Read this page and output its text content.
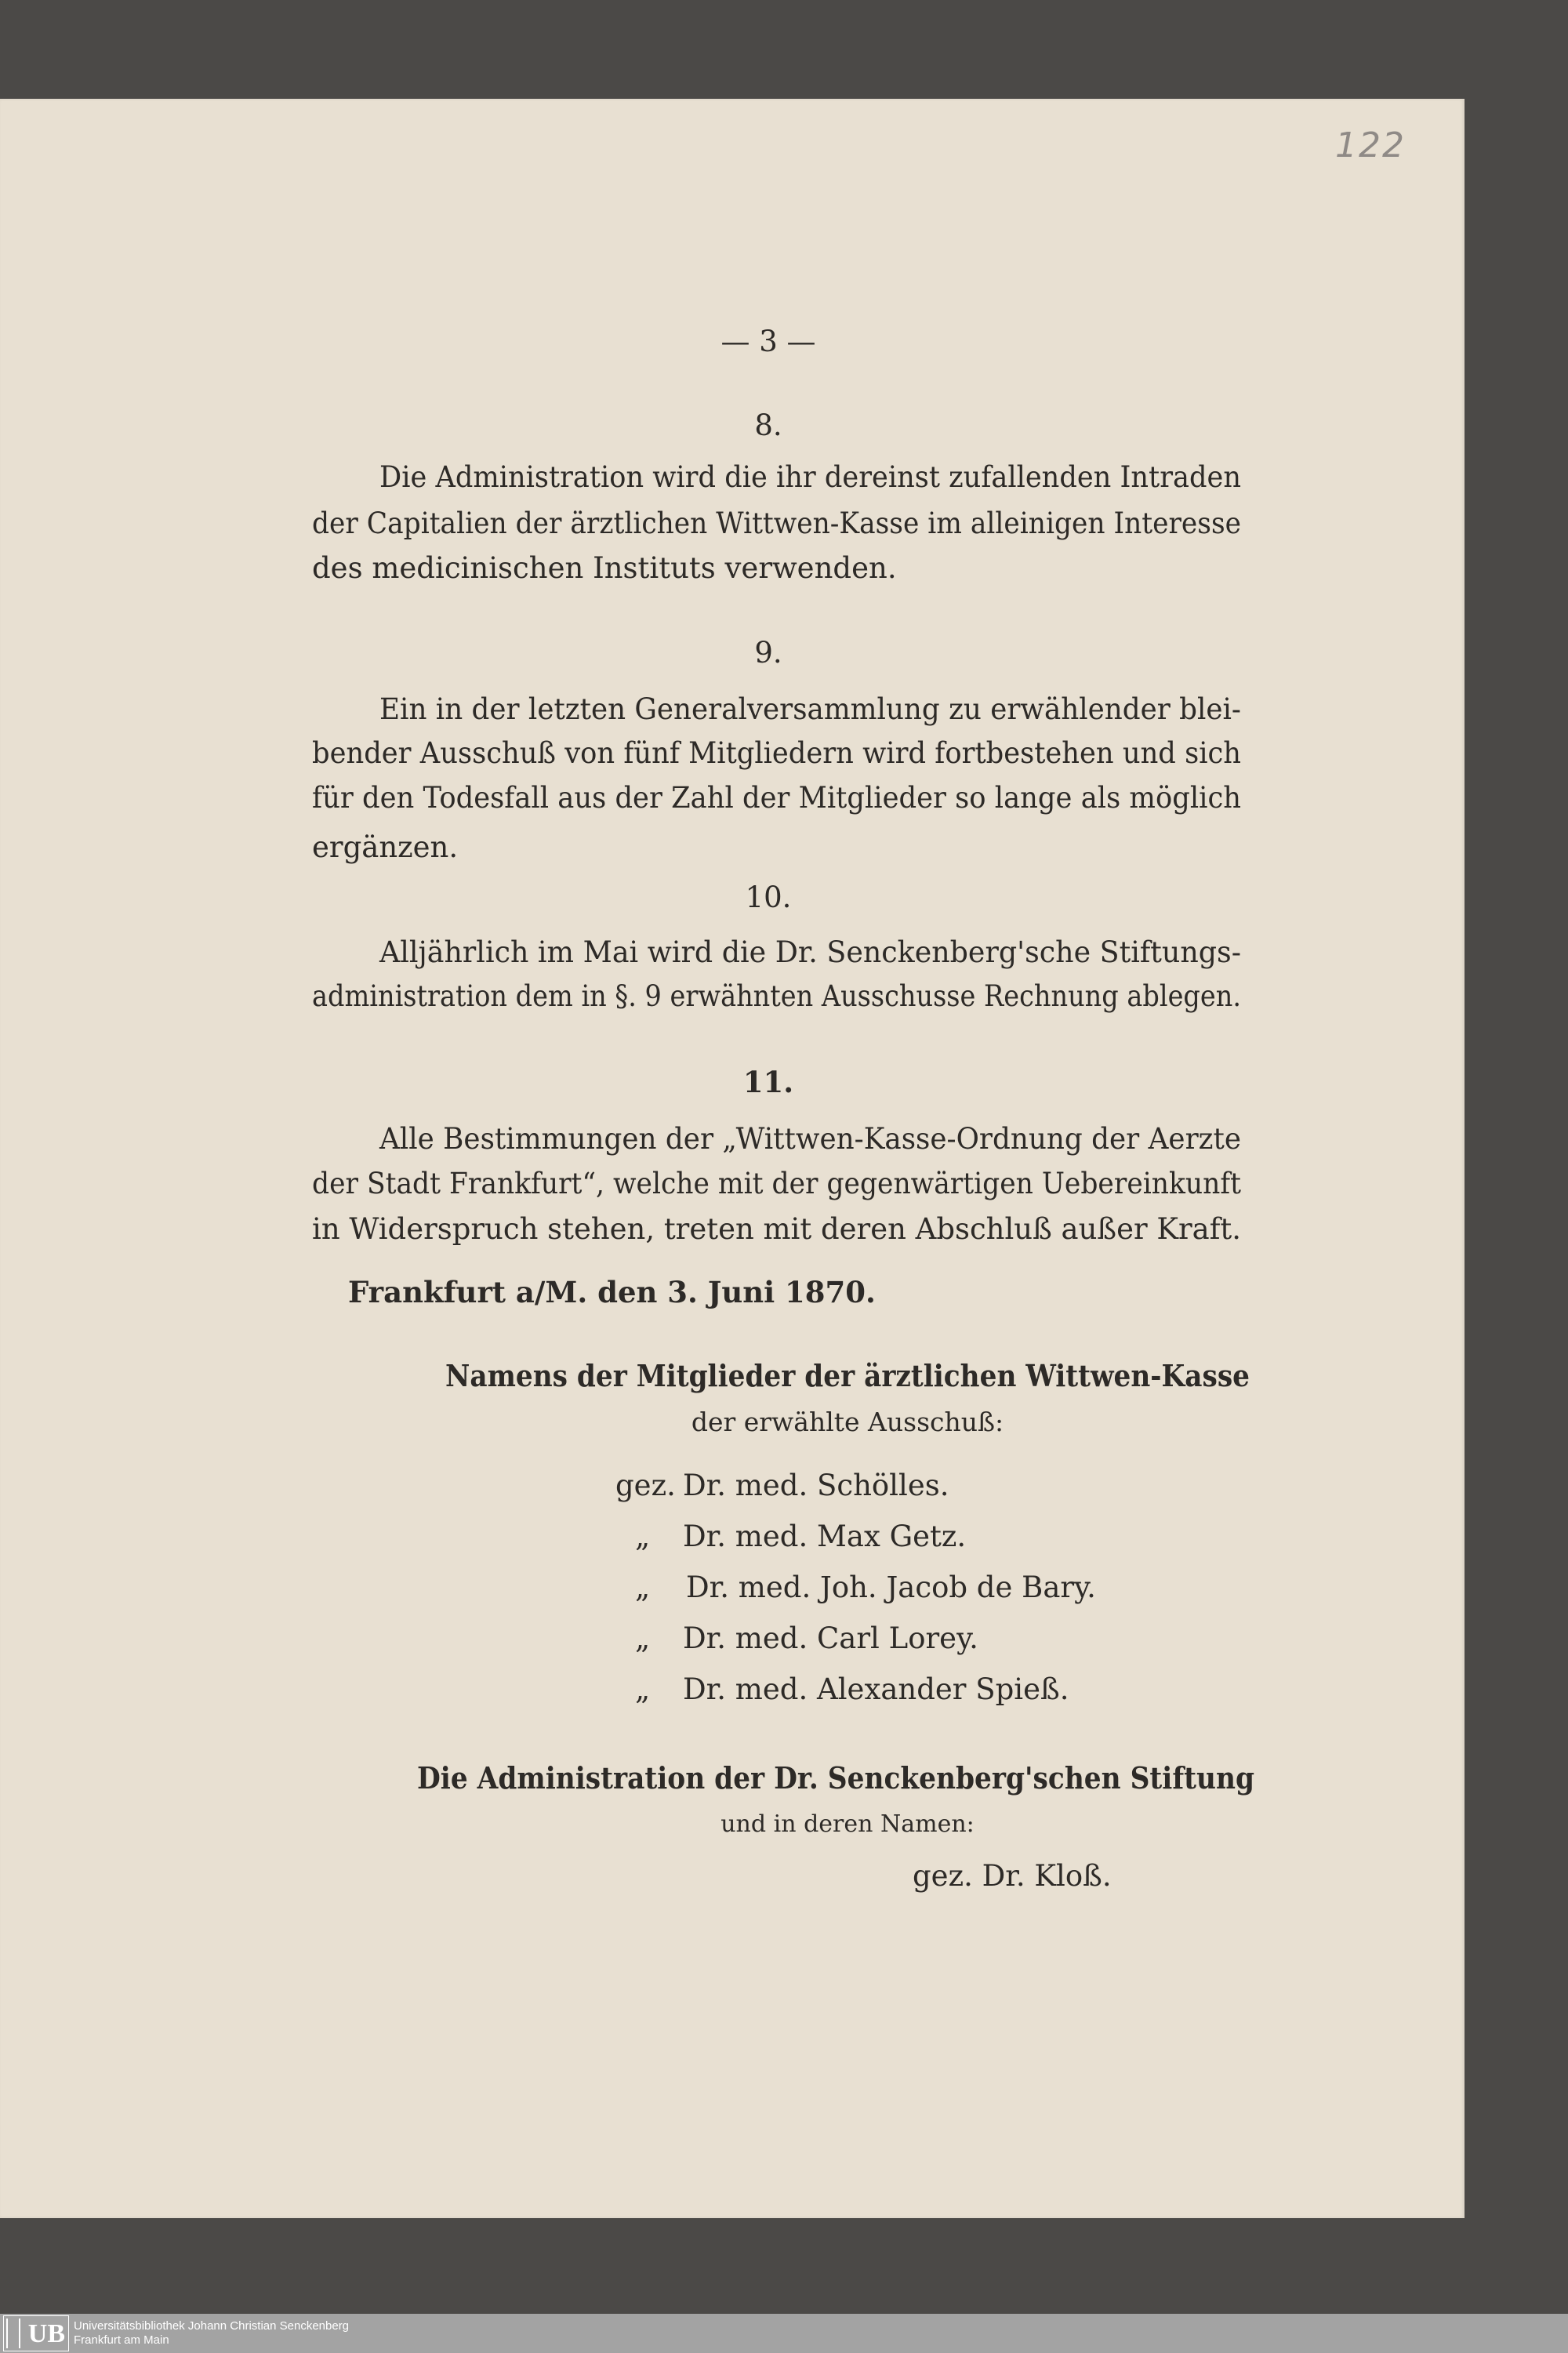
122
— 3 —
8.
Die Administration wird die ihr dereinst zufallenden Intraden
der Capitalien der ärztlichen Wittwen-Kasse im alleinigen Interesse
des medicinischen Instituts verwenden.
9.
Ein in der letzten Generalversammlung zu erwählender blei-
bender Ausschuß von fünf Mitgliedern wird fortbestehen und sich
für den Todesfall aus der Zahl der Mitglieder so lange als möglich
ergänzen.
10.
Alljährlich im Mai wird die Dr. Senckenberg'sche Stiftungs-
administration dem in §. 9 erwähnten Ausschusse Rechnung ablegen.
11.
Alle Bestimmungen der „Wittwen-Kasse-Ordnung der Aerzte
der Stadt Frankfurt“, welche mit der gegenwärtigen Uebereinkunft
in Widerspruch stehen, treten mit deren Abschluß außer Kraft.
Frankfurt a/M. den 3. Juni 1870.
Namens der Mitglieder der ärztlichen Wittwen-Kasse
der erwählte Ausschuß:
gez. Dr. med. Schölles.
„ Dr. med. Max Getz.
„ Dr. med. Joh. Jacob de Bary.
„ Dr. med. Carl Lorey.
„ Dr. med. Alexander Spieß.
Die Administration der Dr. Senckenberg'schen Stiftung
und in deren Namen:
gez. Dr. Kloß.
UB Universitätsbibliothek Johann Christian Senckenberg
Frankfurt am Main
